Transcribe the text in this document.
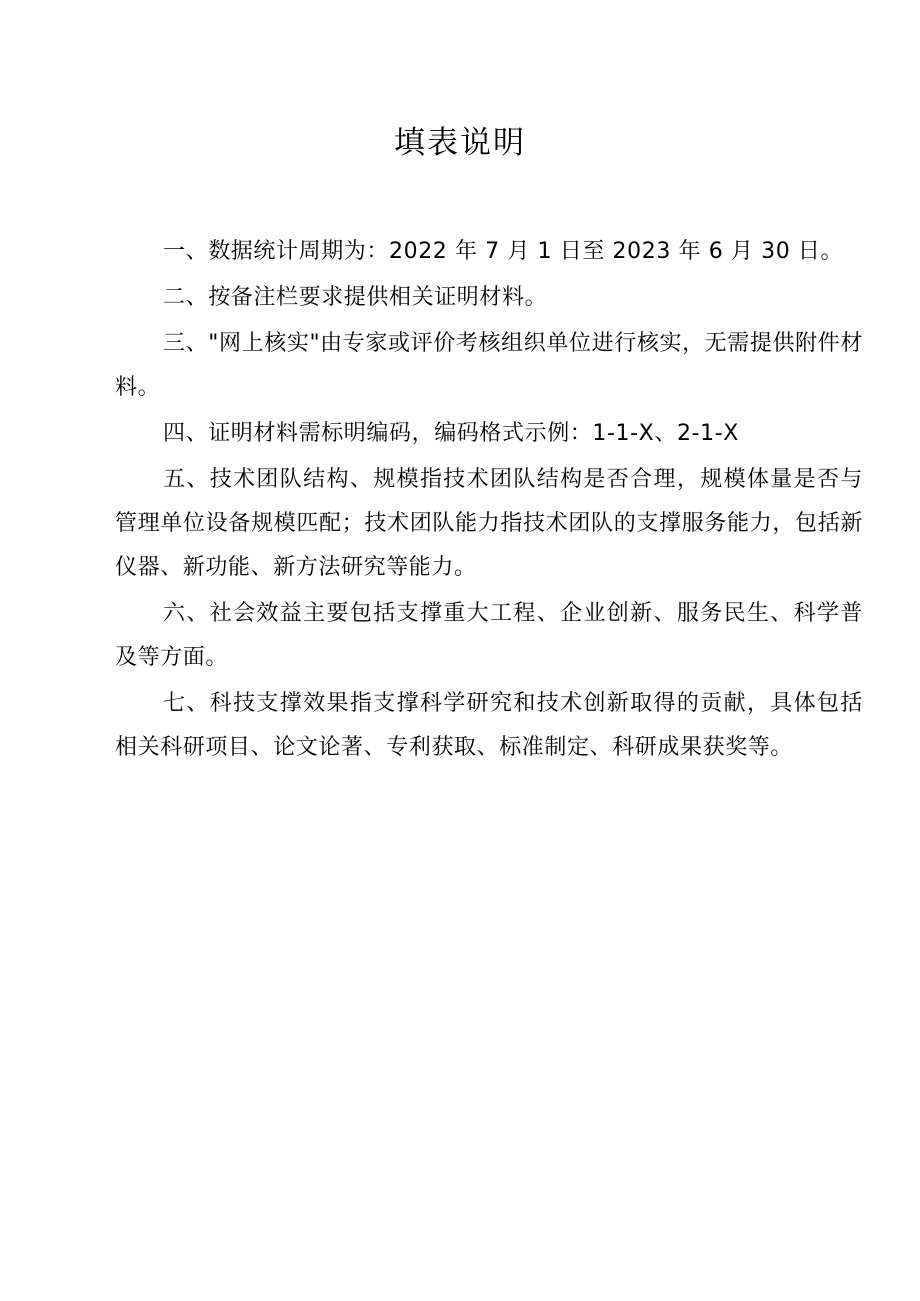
填表说明

一、数据统计周期为：2022 年 7 月 1 日至 2023 年 6 月 30 日。

二、按备注栏要求提供相关证明材料。

三、"网上核实"由专家或评价考核组织单位进行核实，无需提供附件材料。

四、证明材料需标明编码，编码格式示例：1-1-X、2-1-X

五、技术团队结构、规模指技术团队结构是否合理，规模体量是否与管理单位设备规模匹配；技术团队能力指技术团队的支撑服务能力，包括新仪器、新功能、新方法研究等能力。

六、社会效益主要包括支撑重大工程、企业创新、服务民生、科学普及等方面。

七、科技支撑效果指支撑科学研究和技术创新取得的贡献，具体包括相关科研项目、论文论著、专利获取、标准制定、科研成果获奖等。
